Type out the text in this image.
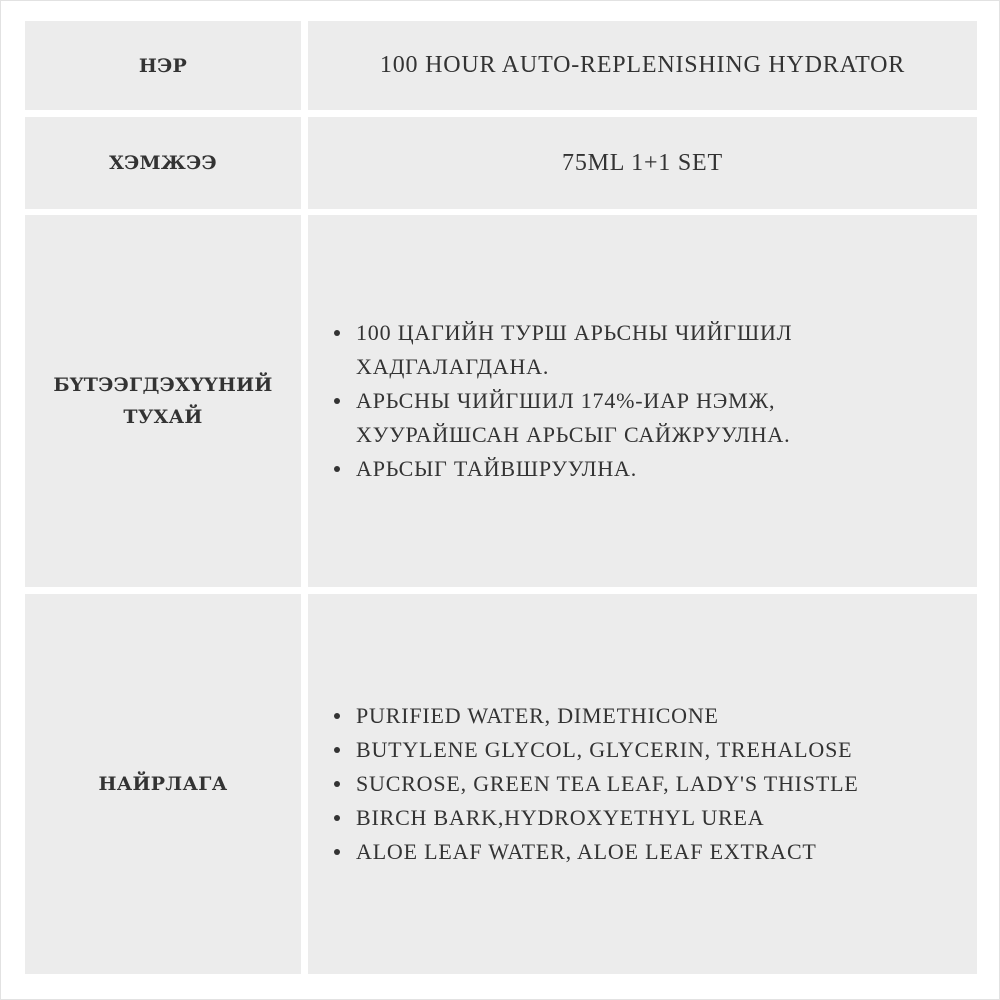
НЭР	100 HOUR AUTO-REPLENISHING HYDRATOR
ХЭМЖЭЭ	75ML 1+1 SET
БҮТЭЭГДЭХҮҮНИЙ
ТУХАЙ
100 ЦАГИЙН ТУРШ АРЬСНЫ ЧИЙГШИЛ
ХАДГАЛАГДАНА.
АРЬСНЫ ЧИЙГШИЛ 174%-ИАР НЭМЖ,
ХУУРАЙШСАН АРЬСЫГ САЙЖРУУЛНА.
АРЬСЫГ ТАЙВШРУУЛНА.
НАЙРЛАГА
PURIFIED WATER, DIMETHICONE
BUTYLENE GLYCOL, GLYCERIN, TREHALOSE
SUCROSE, GREEN TEA LEAF, LADY'S THISTLE
BIRCH BARK,HYDROXYETHYL UREA
ALOE LEAF WATER, ALOE LEAF EXTRACT
